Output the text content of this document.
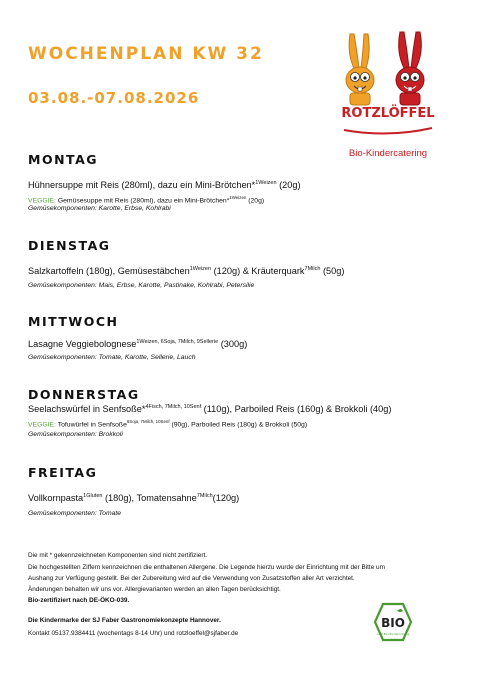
WOCHENPLAN KW 32
03.08.-07.08.2026
ROTZLÖFFEL
Bio-Kindercatering
MONTAG
Hühnersuppe mit Reis (280ml), dazu ein Mini-Brötchen*$^{1Weizen}$ (20g)
VEGGIE: Gemüsesuppe mit Reis (280ml), dazu ein Mini-Brötchen*$^{1Weizen}$ (20g)
Gemüsekomponenten: Karotte, Erbse, Kohlrabi
DIENSTAG
Salzkartoffeln (180g), Gemüsestäbchen$^{1Weizen}$ (120g) & Kräuterquark$^{7Milch}$ (50g)
Gemüsekomponenten: Mais, Erbse, Karotte, Pastinake, Kohlrabi, Petersilie
MITTWOCH
Lasagne Veggiebolognese$^{1Weizen, 6Soja, 7Milch, 9Sellerie}$ (300g)
Gemüsekomponenten: Tomate, Karotte, Sellerie, Lauch
DONNERSTAG
Seelachswürfel in Senfsoße*$^{4Fisch, 7Milch, 10Senf}$ (110g), Parboiled Reis (160g) & Brokkoli (40g)
VEGGIE: Tofuwürfel in Senfsoße$^{6Soja, 7Milch, 10Senf}$ (90g), Parboiled Reis (180g) & Brokkoli (50g)
Gemüsekomponenten: Brokkoli
FREITAG
Vollkornpasta$^{1Gluten}$ (180g), Tomatensahne$^{7Milch}$(120g)
Gemüsekomponenten: Tomate
Die mit * gekennzeichneten Komponenten sind nicht zertifiziert.
Die hochgestellten Ziffern kennzeichnen die enthaltenen Allergene. Die Legende hierzu wurde der Einrichtung mit der Bitte um
Aushang zur Verfügung gestellt. Bei der Zubereitung wird auf die Verwendung von Zusatzstoffen aller Art verzichtet.
Änderungen behalten wir uns vor. Allergievarianten werden an allen Tagen berücksichtigt.
Bio-zertifiziert nach DE-ÖKO-039.
Die Kindermarke der SJ Faber Gastronomiekonzepte Hannover.
Kontakt 05137.9384411 (wochentags 8-14 Uhr) und rotzloeffel@sjfaber.de
BIO
nach EG-Öko-Verordnung
